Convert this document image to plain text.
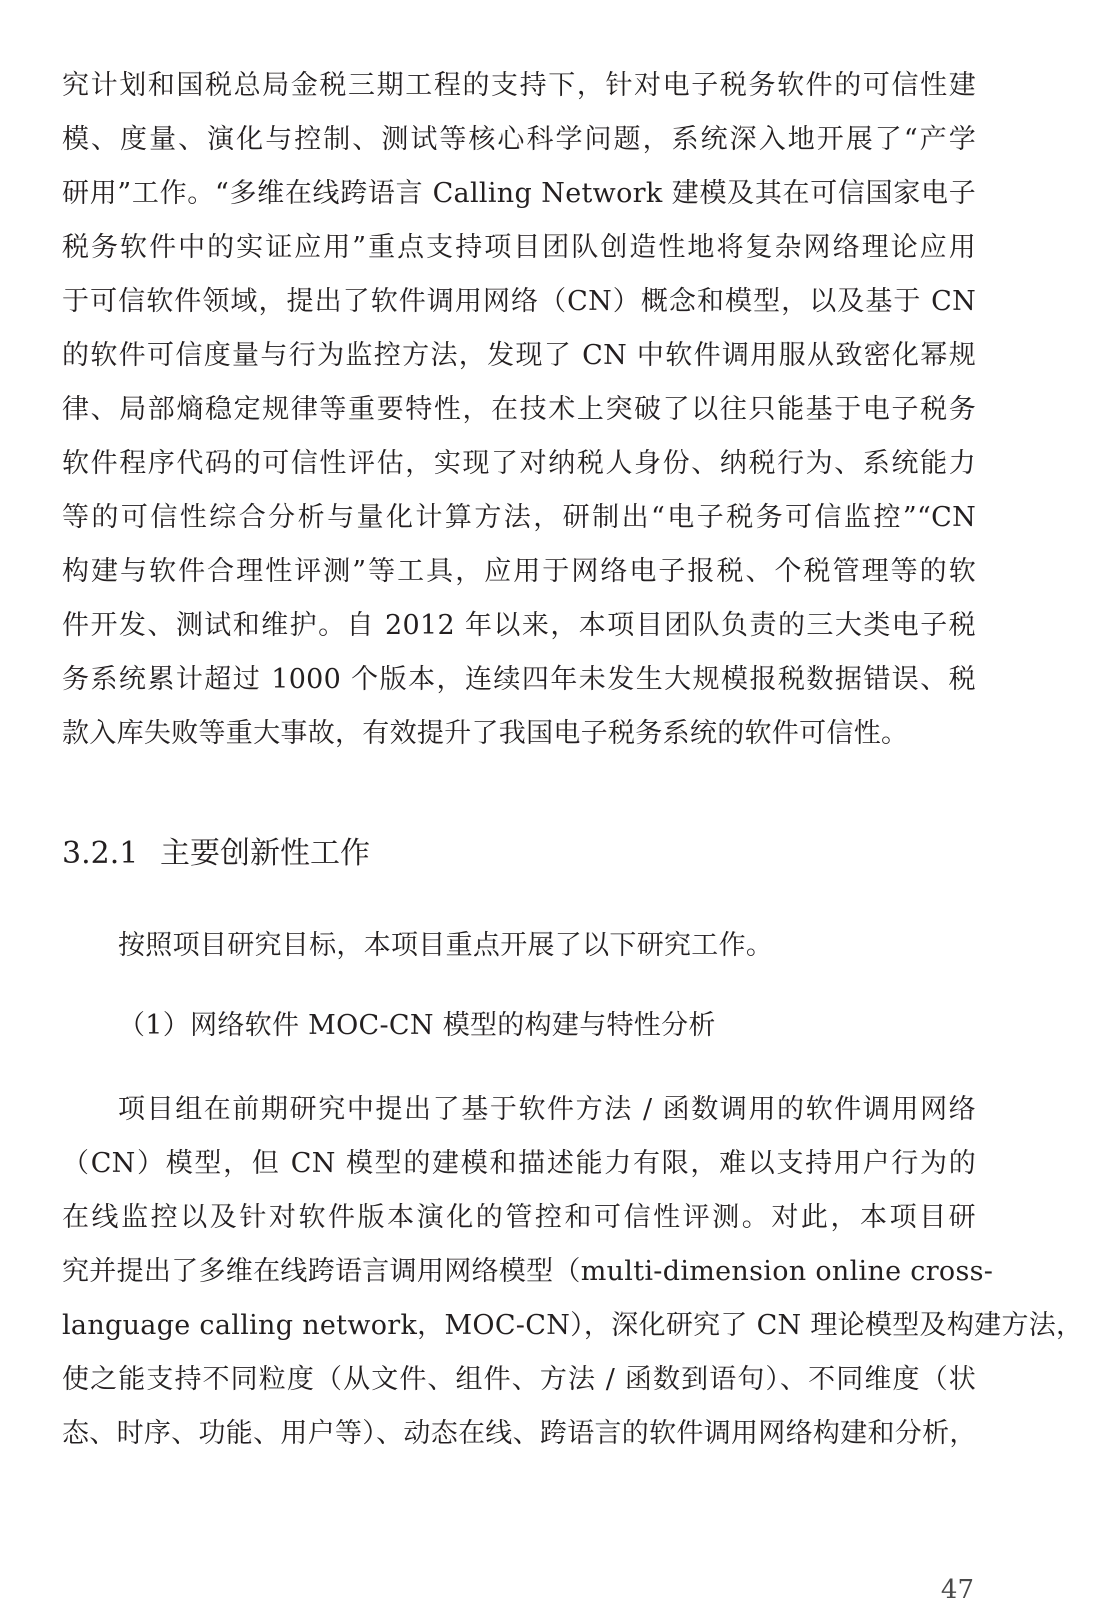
究计划和国税总局金税三期工程的支持下，针对电子税务软件的可信性建
模、度量、演化与控制、测试等核心科学问题，系统深入地开展了“产学
研用”工作。“多维在线跨语言 Calling Network 建模及其在可信国家电子
税务软件中的实证应用”重点支持项目团队创造性地将复杂网络理论应用
于可信软件领域，提出了软件调用网络（CN）概念和模型，以及基于 CN
的软件可信度量与行为监控方法，发现了 CN 中软件调用服从致密化幂规
律、局部熵稳定规律等重要特性，在技术上突破了以往只能基于电子税务
软件程序代码的可信性评估，实现了对纳税人身份、纳税行为、系统能力
等的可信性综合分析与量化计算方法，研制出“电子税务可信监控”“CN
构建与软件合理性评测”等工具，应用于网络电子报税、个税管理等的软
件开发、测试和维护。自 2012 年以来，本项目团队负责的三大类电子税
务系统累计超过 1000 个版本，连续四年未发生大规模报税数据错误、税
款入库失败等重大事故，有效提升了我国电子税务系统的软件可信性。
3.2.1 主要创新性工作
按照项目研究目标，本项目重点开展了以下研究工作。
（1）网络软件 MOC-CN 模型的构建与特性分析
项目组在前期研究中提出了基于软件方法 / 函数调用的软件调用网络
（CN）模型，但 CN 模型的建模和描述能力有限，难以支持用户行为的
在线监控以及针对软件版本演化的管控和可信性评测。对此，本项目研
究并提出了多维在线跨语言调用网络模型（multi-dimension online cross-
language calling network，MOC-CN），深化研究了 CN 理论模型及构建方法，
使之能支持不同粒度（从文件、组件、方法 / 函数到语句）、不同维度（状
态、时序、功能、用户等）、动态在线、跨语言的软件调用网络构建和分析，
47
